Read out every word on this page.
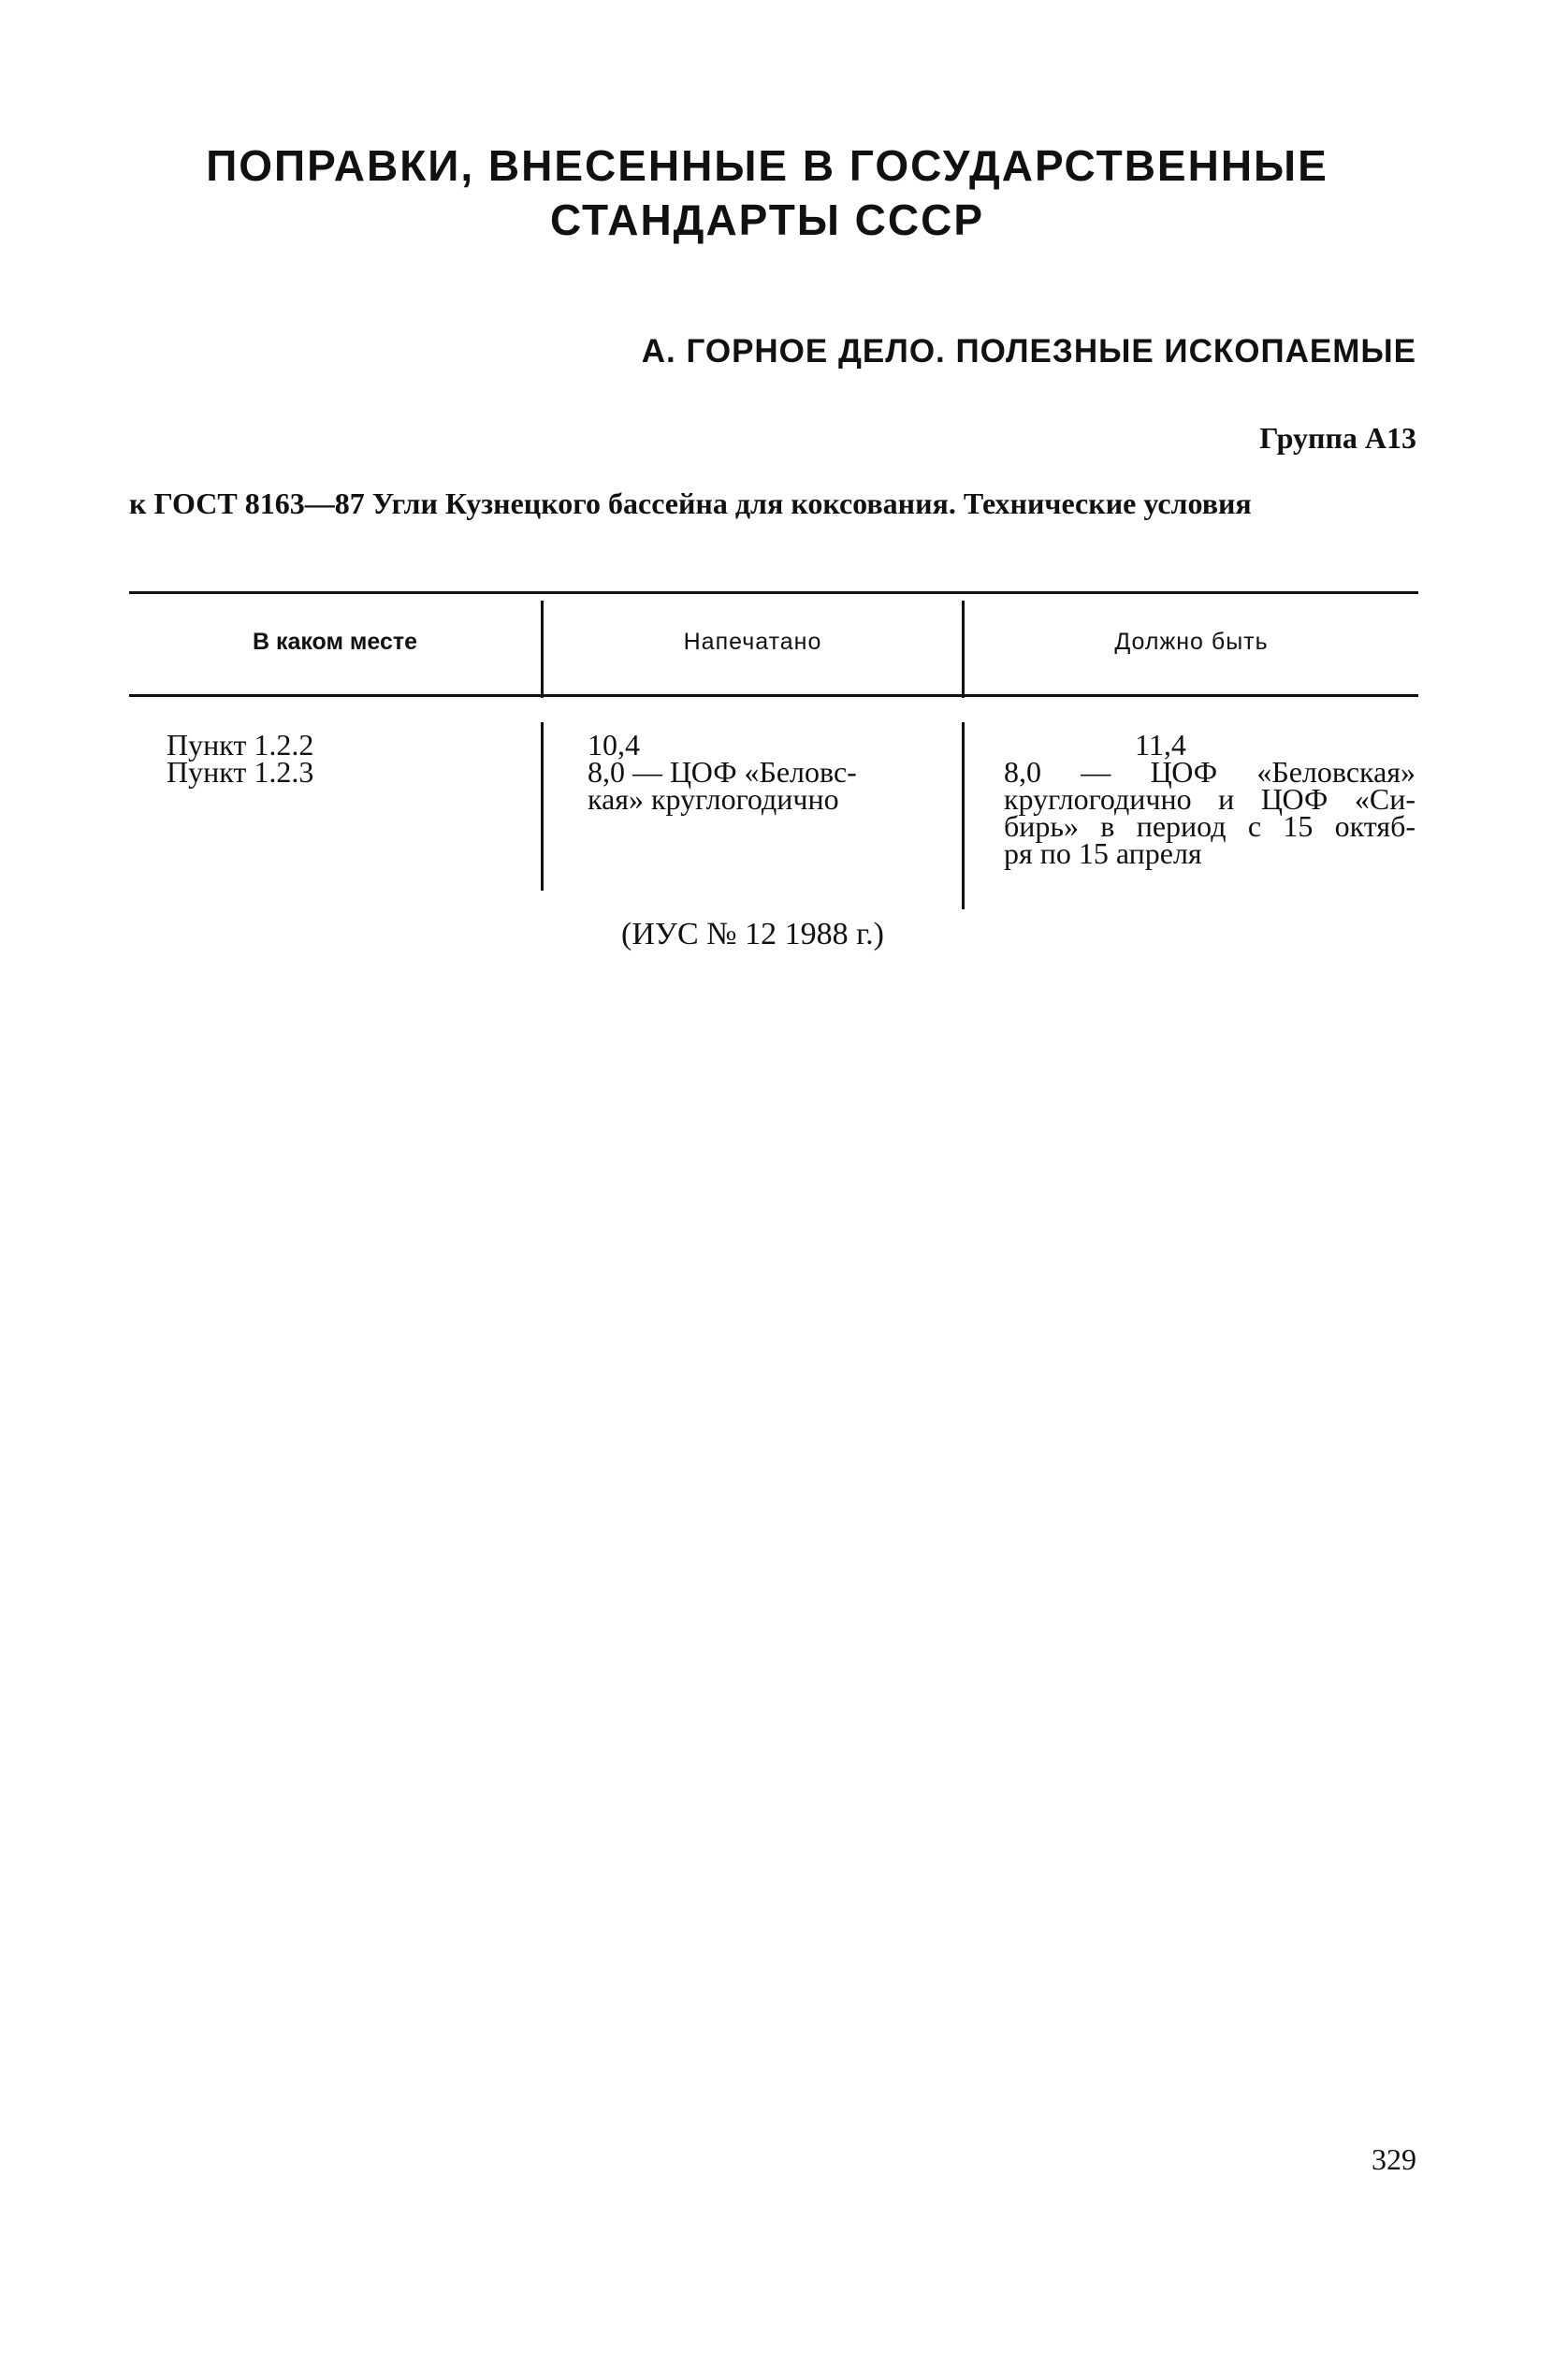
ПОПРАВКИ, ВНЕСЕННЫЕ В ГОСУДАРСТВЕННЫЕ
СТАНДАРТЫ СССР
А. ГОРНОЕ ДЕЛО. ПОЛЕЗНЫЕ ИСКОПАЕМЫЕ

Группа А13

к ГОСТ 8163—87 Угли Кузнецкого бассейна для коксования. Технические условия

В каком месте	Напечатано	Должно быть
Пункт 1.2.2
Пункт 1.2.3
10,4
8,0 — ЦОФ «Беловс-
кая» круглогодично
11,4
8,0 — ЦОФ «Беловская»
круглогодично и ЦОФ «Си-
бирь» в период с 15 октяб-
ря по 15 апреля

(ИУС № 12 1988 г.)

329
